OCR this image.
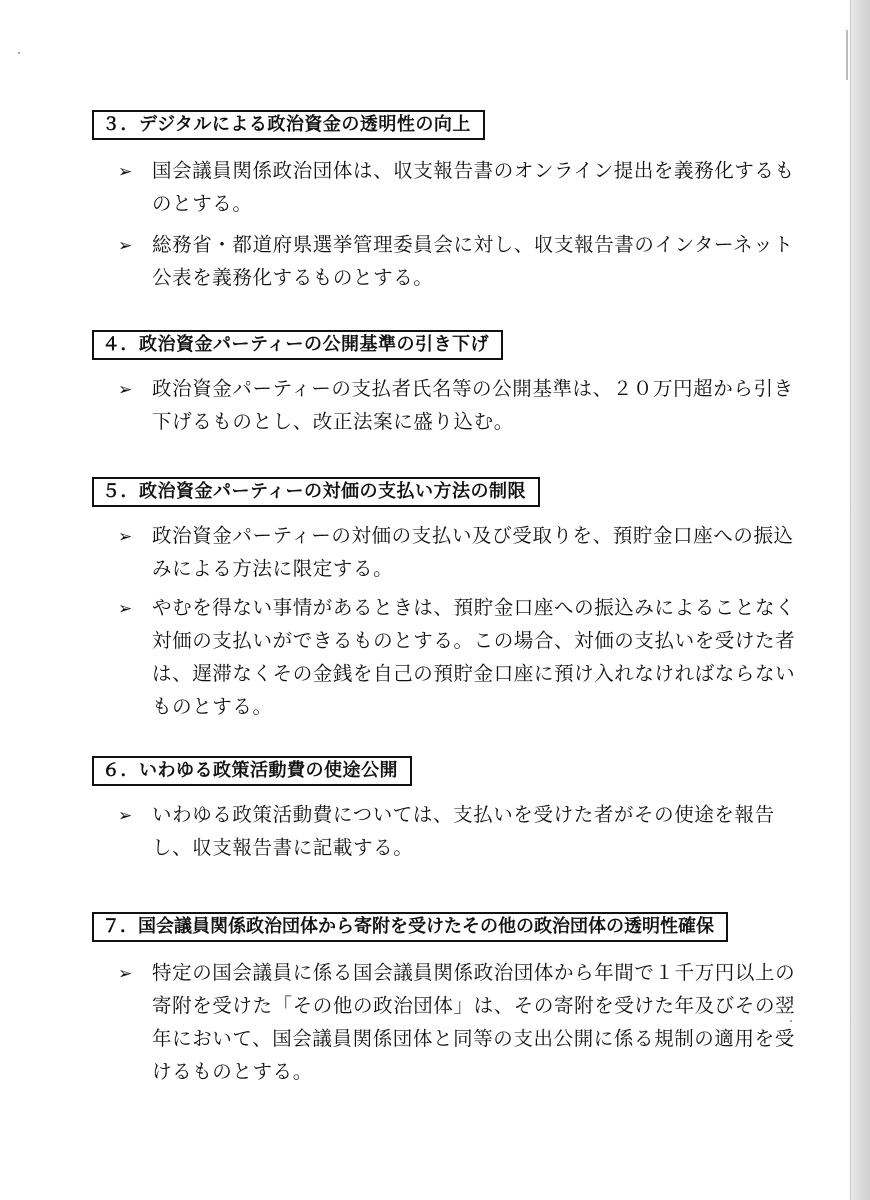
３．デジタルによる政治資金の透明性の向上
➢	国会議員関係政治団体は、収支報告書のオンライン提出を義務化するものとする。
➢	総務省・都道府県選挙管理委員会に対し、収支報告書のインターネット公表を義務化するものとする。
４．政治資金パーティーの公開基準の引き下げ
➢	政治資金パーティーの支払者氏名等の公開基準は、２０万円超から引き下げるものとし、改正法案に盛り込む。
５．政治資金パーティーの対価の支払い方法の制限
➢	政治資金パーティーの対価の支払い及び受取りを、預貯金口座への振込みによる方法に限定する。
➢	やむを得ない事情があるときは、預貯金口座への振込みによることなく対価の支払いができるものとする。この場合、対価の支払いを受けた者は、遅滞なくその金銭を自己の預貯金口座に預け入れなければならないものとする。
６．いわゆる政策活動費の使途公開
➢	いわゆる政策活動費については、支払いを受けた者がその使途を報告し、収支報告書に記載する。
７．国会議員関係政治団体から寄附を受けたその他の政治団体の透明性確保
➢	特定の国会議員に係る国会議員関係政治団体から年間で１千万円以上の寄附を受けた「その他の政治団体」は、その寄附を受けた年及びその翌年において、国会議員関係団体と同等の支出公開に係る規制の適用を受けるものとする。
